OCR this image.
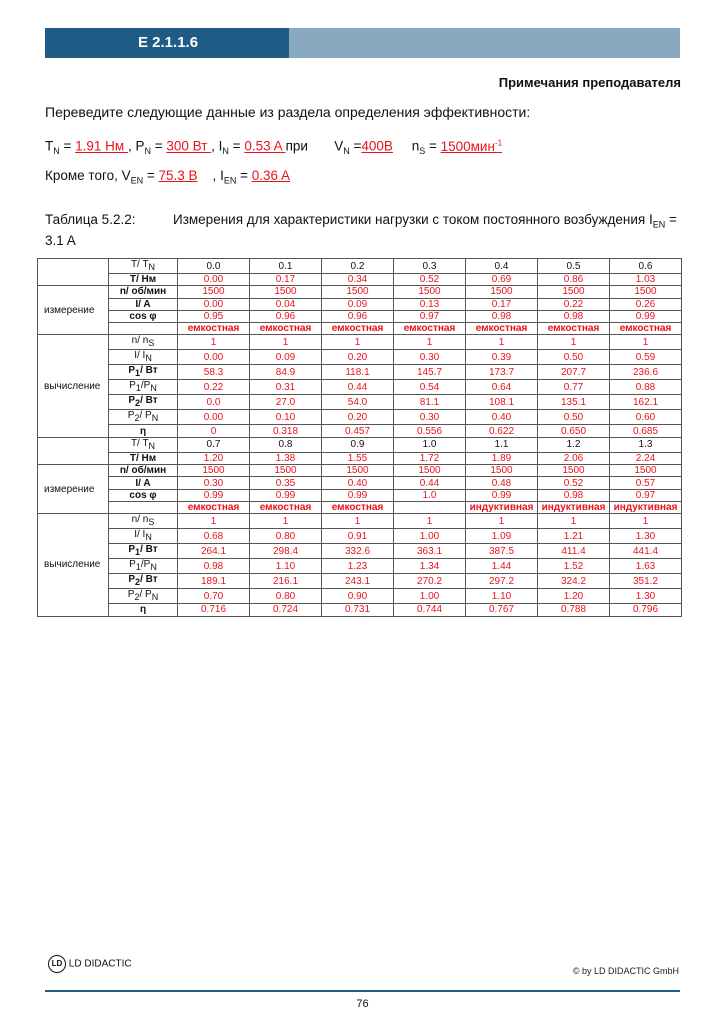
E 2.1.1.6
Примечания преподавателя
Переведите следующие данные из раздела определения эффективности:
$T_N = 1.91$ Нм , $P_N = 300$ Вт , $I_N = 0.53$ A при $V_N =400B$ $n_S = 1500мин^{-1}$
Кроме того, $V_{EN} = 75.3$ B    , $I_{EN} = 0.36$ A
Таблица 5.2.2:	Измерения для характеристики нагрузки с током постоянного возбуждения $I_{EN} = 3.1$ A
	T/ $T_N$	0.0	0.1	0.2	0.3	0.4	0.5	0.6
	T/ Нм	0.00	0.17	0.34	0.52	0.69	0.86	1.03
измерение	n/ об/мин	1500	1500	1500	1500	1500	1500	1500
	I/ A	0.00	0.04	0.09	0.13	0.17	0.22	0.26
	cos φ	0.95	0.96	0.96	0.97	0.98	0.98	0.99
		емкостная	емкостная	емкостная	емкостная	емкостная	емкостная	емкостная
вычисление	n/ $n_S$	1	1	1	1	1	1	1
	I/ $I_N$	0.00	0.09	0.20	0.30	0.39	0.50	0.59
	$P_1/$ Вт	58.3	84.9	118.1	145.7	173.7	207.7	236.6
	$P_1/P_N$	0.22	0.31	0.44	0.54	0.64	0.77	0.88
	$P_2/$ Вт	0.0	27.0	54.0	81.1	108.1	135.1	162.1
	$P_2/$ $P_N$	0.00	0.10	0.20	0.30	0.40	0.50	0.60
	η	0	0.318	0.457	0.556	0.622	0.650	0.685
	T/ $T_N$	0.7	0.8	0.9	1.0	1.1	1.2	1.3
	T/ Нм	1.20	1.38	1.55	1.72	1.89	2.06	2.24
измерение	n/ об/мин	1500	1500	1500	1500	1500	1500	1500
	I/ A	0.30	0.35	0.40	0.44	0.48	0.52	0.57
	cos φ	0.99	0.99	0.99	1.0	0.99	0.98	0.97
		емкостная	емкостная	емкостная		индуктивная	индуктивная	индуктивная
вычисление	n/ $n_S$	1	1	1	1	1	1	1
	I/ $I_N$	0.68	0.80	0.91	1.00	1.09	1.21	1.30
	$P_1/$ Вт	264.1	298.4	332.6	363.1	387.5	411.4	441.4
	$P_1/P_N$	0.98	1.10	1.23	1.34	1.44	1.52	1.63
	$P_2/$ Вт	189.1	216.1	243.1	270.2	297.2	324.2	351.2
	$P_2/$ $P_N$	0.70	0.80	0.90	1.00	1.10	1.20	1.30
	η	0.716	0.724	0.731	0.744	0.767	0.788	0.796
LD LD DIDACTIC
© by LD DIDACTIC GmbH
76
